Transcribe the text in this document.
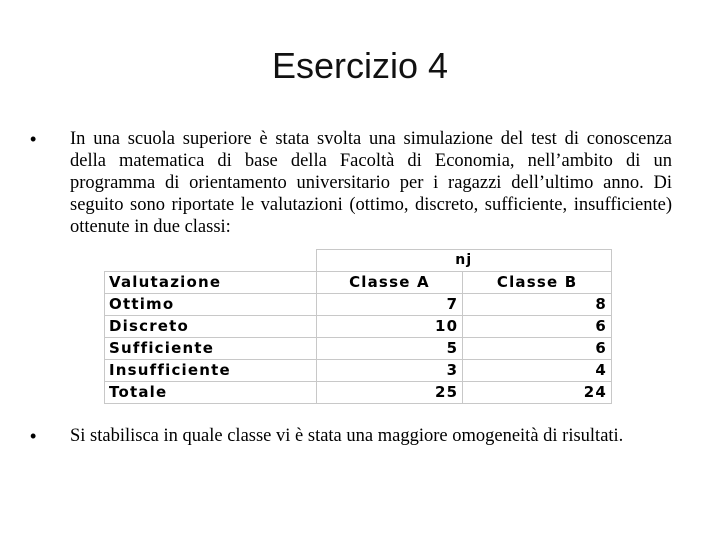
Esercizio 4
• In una scuola superiore è stata svolta una simulazione del test di conoscenza della matematica di base della Facoltà di Economia, nell’ambito di un programma di orientamento universitario per i ragazzi dell’ultimo anno. Di seguito sono riportate le valutazioni (ottimo, discreto, sufficiente, insufficiente) ottenute in due classi:
	nj	
Valutazione	Classe A	Classe B
Ottimo	7	8
Discreto	10	6
Sufficiente	5	6
Insufficiente	3	4
Totale	25	24
• Si stabilisca in quale classe vi è stata una maggiore omogeneità di risultati.
